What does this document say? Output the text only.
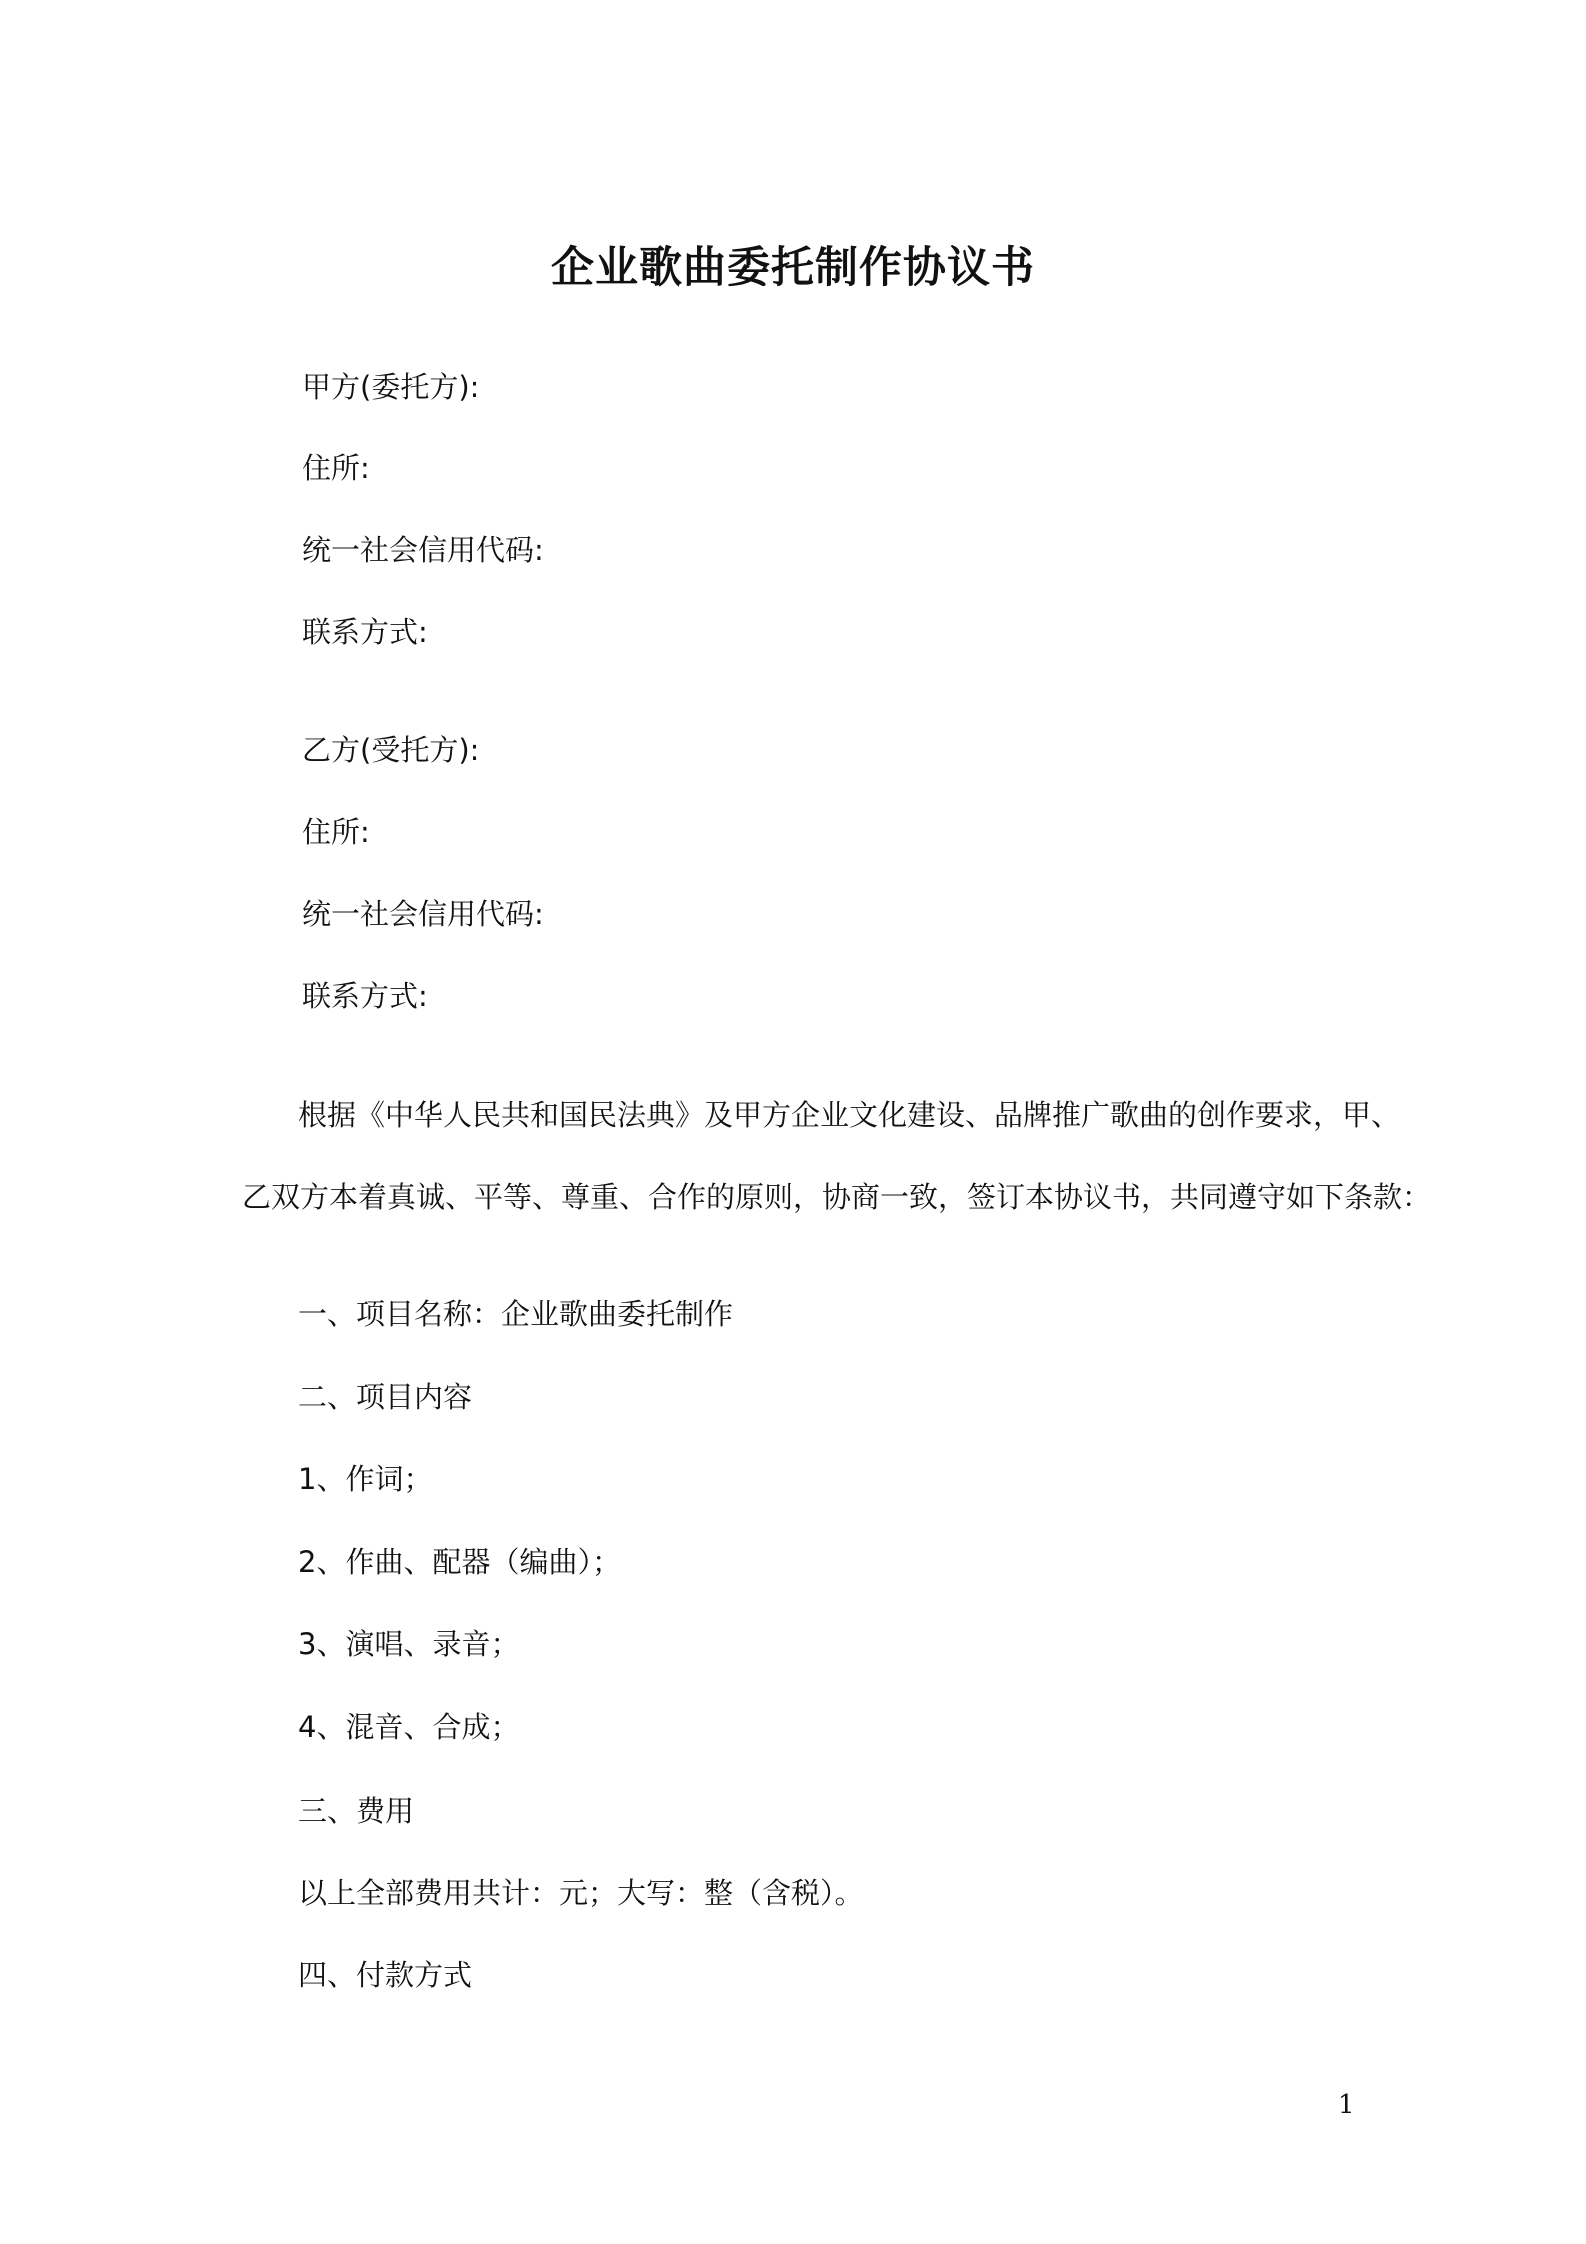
企业歌曲委托制作协议书
甲方(委托方):
住所:
统一社会信用代码:
联系方式:
乙方(受托方):
住所:
统一社会信用代码:
联系方式:
根据《中华人民共和国民法典》及甲方企业文化建设、品牌推广歌曲的创作要求，甲、
乙双方本着真诚、平等、尊重、合作的原则，协商一致，签订本协议书，共同遵守如下条款：
一、项目名称：企业歌曲委托制作
二、项目内容
1、作词；
2、作曲、配器（编曲）；
3、演唱、录音；
4、混音、合成；
三、费用
以上全部费用共计：元；大写：整（含税）。
四、付款方式
1
